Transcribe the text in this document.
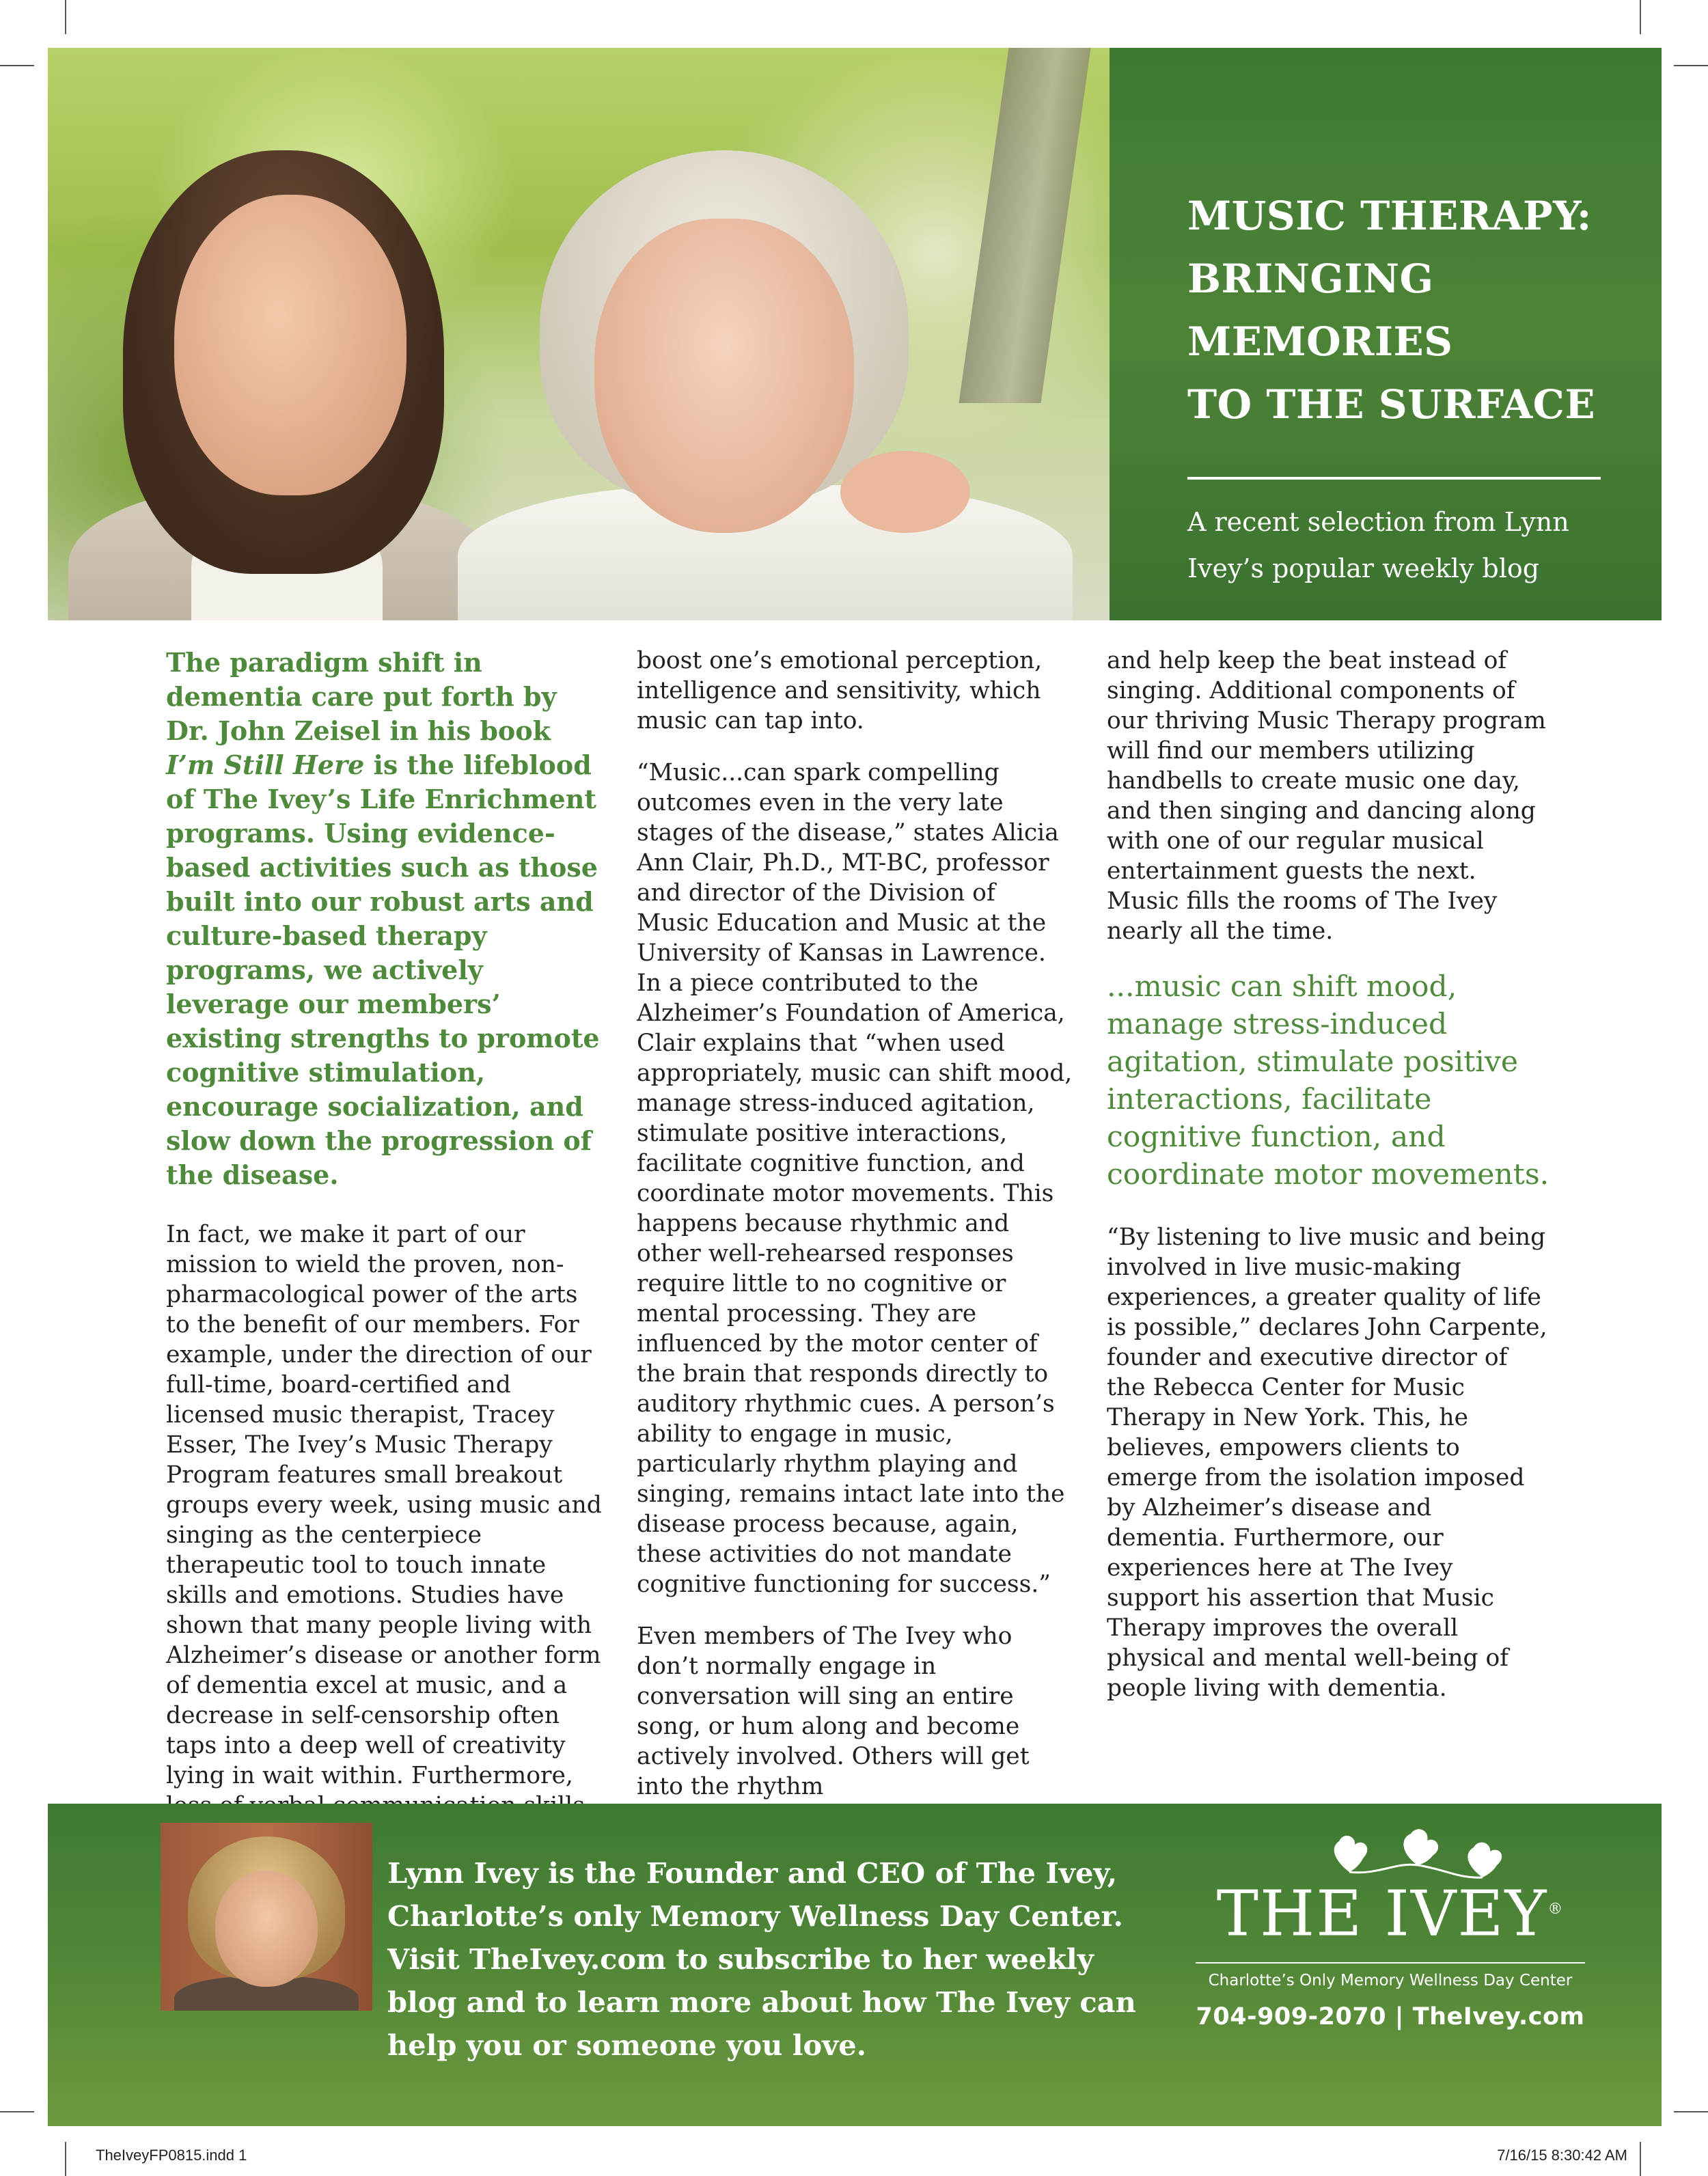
MUSIC THERAPY:
BRINGING
MEMORIES
TO THE SURFACE

A recent selection from Lynn Ivey’s popular weekly blog

The paradigm shift in dementia care put forth by Dr. John Zeisel in his book I’m Still Here is the lifeblood of The Ivey’s Life Enrichment programs. Using evidence-based activities such as those built into our robust arts and culture-based therapy programs, we actively leverage our members’ existing strengths to promote cognitive stimulation, encourage socialization, and slow down the progression of the disease.

In fact, we make it part of our mission to wield the proven, non-pharmacological power of the arts to the benefit of our members. For example, under the direction of our full-time, board-certified and licensed music therapist, Tracey Esser, The Ivey’s Music Therapy Program features small breakout groups every week, using music and singing as the centerpiece therapeutic tool to touch innate skills and emotions. Studies have shown that many people living with Alzheimer’s disease or another form of dementia excel at music, and a decrease in self-censorship often taps into a deep well of creativity lying in wait within. Furthermore,

boost one’s emotional perception, intelligence and sensitivity, which music can tap into.

“Music...can spark compelling outcomes even in the very late stages of the disease,” states Alicia Ann Clair, Ph.D., MT-BC, professor and director of the Division of Music Education and Music at the University of Kansas in Lawrence. In a piece contributed to the Alzheimer’s Foundation of America, Clair explains that “when used appropriately, music can shift mood, manage stress-induced agitation, stimulate positive interactions, facilitate cognitive function, and coordinate motor movements. This happens because rhythmic and other well-rehearsed responses require little to no cognitive or mental processing. They are influenced by the motor center of the brain that responds directly to auditory rhythmic cues. A person’s ability to engage in music, particularly rhythm playing and singing, remains intact late into the disease process because, again, these activities do not mandate cognitive functioning for success.”

Even members of The Ivey who don’t normally engage in conversation will sing an entire song, or hum along and become actively involved. Others will get into the rhythm

and help keep the beat instead of singing. Additional components of our thriving Music Therapy program will find our members utilizing handbells to create music one day, and then singing and dancing along with one of our regular musical entertainment guests the next. Music fills the rooms of The Ivey nearly all the time.

...music can shift mood, manage stress-induced agitation, stimulate positive interactions, facilitate cognitive function, and coordinate motor movements.

“By listening to live music and being involved in live music-making experiences, a greater quality of life is possible,” declares John Carpente, founder and executive director of the Rebecca Center for Music Therapy in New York. This, he believes, empowers clients to emerge from the isolation imposed by Alzheimer’s disease and dementia. Furthermore, our experiences here at The Ivey support his assertion that Music Therapy improves the overall physical and mental well-being of people living with dementia.

Lynn Ivey is the Founder and CEO of The Ivey, Charlotte’s only Memory Wellness Day Center. Visit TheIvey.com to subscribe to her weekly blog and to learn more about how The Ivey can help you or someone you love.

THE IVEY®
Charlotte’s Only Memory Wellness Day Center
704-909-2070 | TheIvey.com
TheIveyFP0815.indd 1	7/16/15 8:30:42 AM
